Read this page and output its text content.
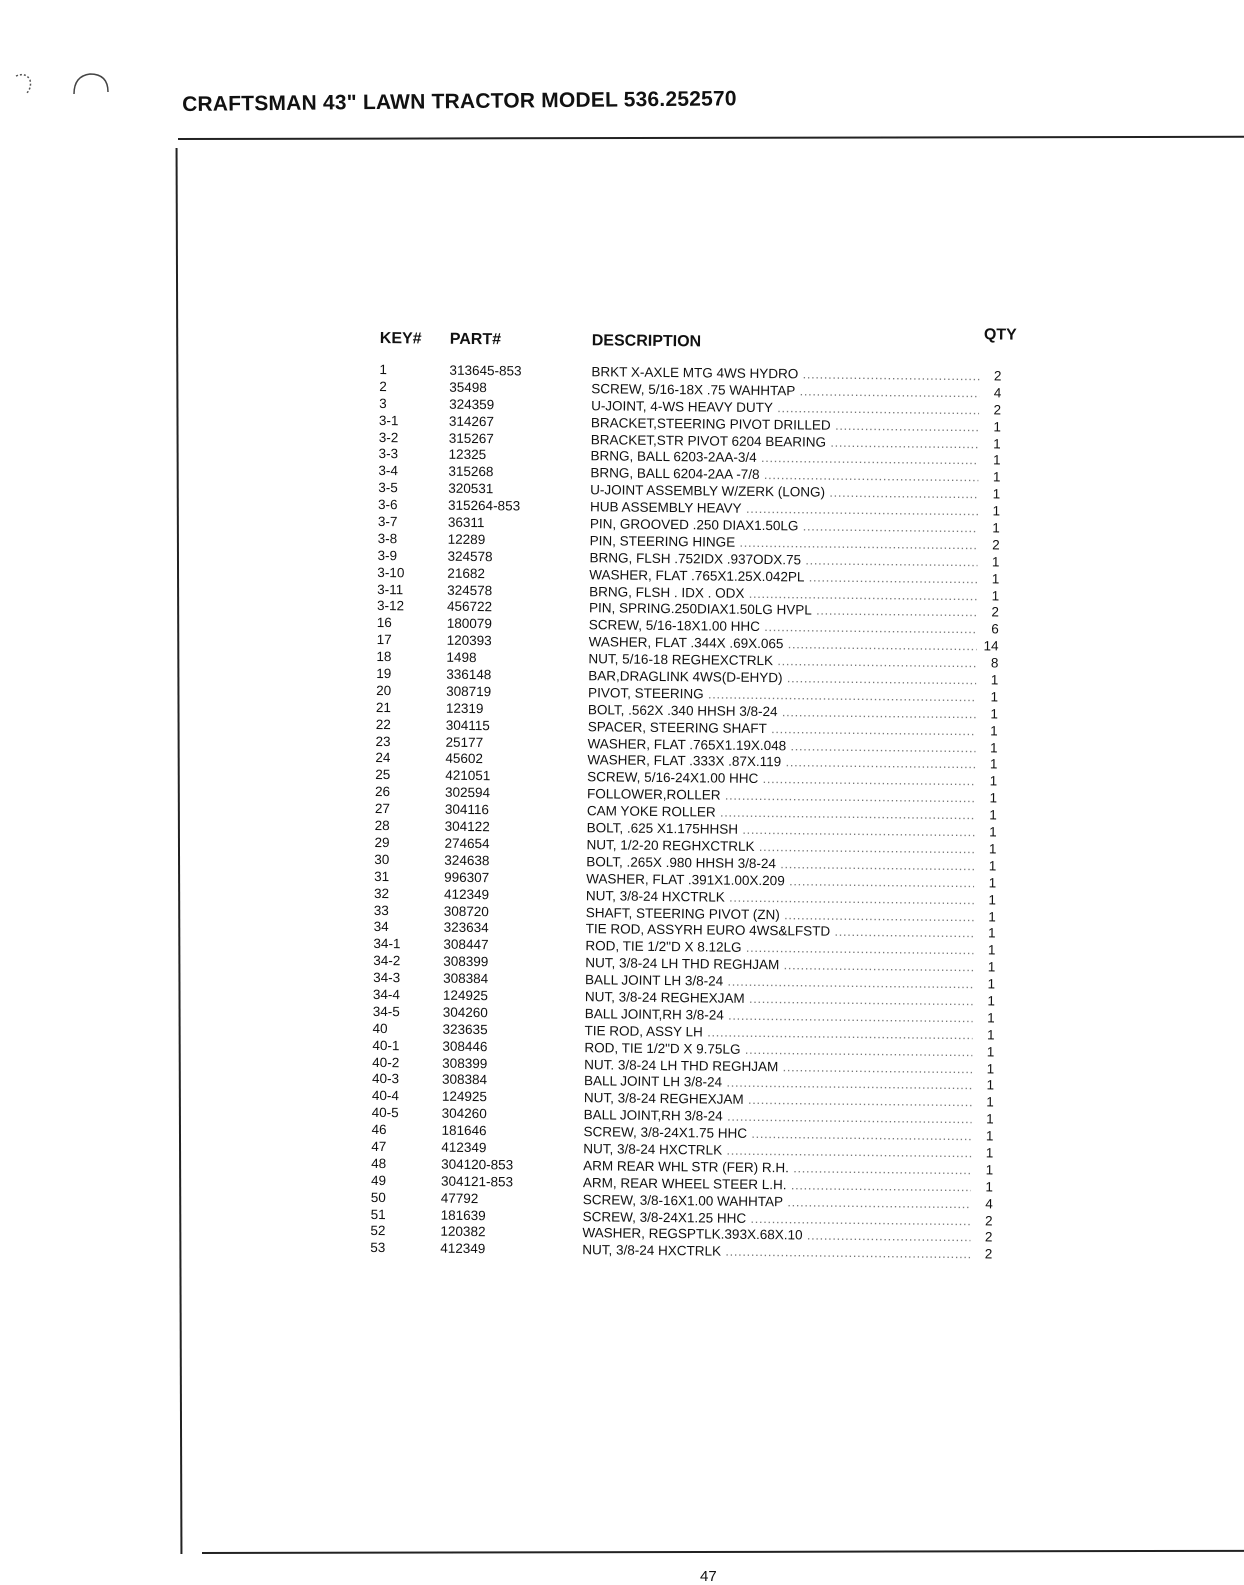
CRAFTSMAN 43" LAWN TRACTOR MODEL 536.252570
KEY# PART#	DESCRIPTION	QTY
1	313645-853	BRKT X-AXLE MTG 4WS HYDRO .....	2
2	35498	SCREW, 5/16-18X .75 WAHHTAP .....	4
3	324359	U-JOINT, 4-WS HEAVY DUTY .....	2
3-1	314267	BRACKET,STEERING PIVOT DRILLED .....	1
3-2	315267	BRACKET,STR PIVOT 6204 BEARING .....	1
3-3	12325	BRNG, BALL 6203-2AA-3/4 .....	1
3-4	315268	BRNG, BALL 6204-2AA -7/8 .....	1
3-5	320531	U-JOINT ASSEMBLY W/ZERK (LONG) .....	1
3-6	315264-853	HUB ASSEMBLY HEAVY .....	1
3-7	36311	PIN, GROOVED .250 DIAX1.50LG .....	1
3-8	12289	PIN, STEERING HINGE .....	2
3-9	324578	BRNG, FLSH .752IDX .937ODX.75 .....	1
3-10	21682	WASHER, FLAT .765X1.25X.042PL .....	1
3-11	324578	BRNG, FLSH . IDX . ODX .....	1
3-12	456722	PIN, SPRING.250DIAX1.50LG HVPL .....	2
16	180079	SCREW, 5/16-18X1.00 HHC .....	6
17	120393	WASHER, FLAT .344X .69X.065 .....	14
18	1498	NUT, 5/16-18 REGHEXCTRLK .....	8
19	336148	BAR,DRAGLINK 4WS(D-EHYD) .....	1
20	308719	PIVOT, STEERING .....	1
21	12319	BOLT, .562X .340 HHSH 3/8-24 .....	1
22	304115	SPACER, STEERING SHAFT .....	1
23	25177	WASHER, FLAT .765X1.19X.048 .....	1
24	45602	WASHER, FLAT .333X .87X.119 .....	1
25	421051	SCREW, 5/16-24X1.00 HHC .....	1
26	302594	FOLLOWER,ROLLER .....	1
27	304116	CAM YOKE ROLLER .....	1
28	304122	BOLT, .625 X1.175HHSH .....	1
29	274654	NUT, 1/2-20 REGHXCTRLK .....	1
30	324638	BOLT, .265X .980 HHSH 3/8-24 .....	1
31	996307	WASHER, FLAT .391X1.00X.209 .....	1
32	412349	NUT, 3/8-24 HXCTRLK .....	1
33	308720	SHAFT, STEERING PIVOT (ZN) .....	1
34	323634	TIE ROD, ASSYRH EURO 4WS&LFSTD .....	1
34-1	308447	ROD, TIE 1/2"D X 8.12LG .....	1
34-2	308399	NUT, 3/8-24 LH THD REGHJAM .....	1
34-3	308384	BALL JOINT LH 3/8-24 .....	1
34-4	124925	NUT, 3/8-24 REGHEXJAM .....	1
34-5	304260	BALL JOINT,RH 3/8-24 .....	1
40	323635	TIE ROD, ASSY LH .....	1
40-1	308446	ROD, TIE 1/2"D X 9.75LG .....	1
40-2	308399	NUT. 3/8-24 LH THD REGHJAM .....	1
40-3	308384	BALL JOINT LH 3/8-24 .....	1
40-4	124925	NUT, 3/8-24 REGHEXJAM .....	1
40-5	304260	BALL JOINT,RH 3/8-24 .....	1
46	181646	SCREW, 3/8-24X1.75 HHC .....	1
47	412349	NUT, 3/8-24 HXCTRLK .....	1
48	304120-853	ARM REAR WHL STR (FER) R.H. .....	1
49	304121-853	ARM, REAR WHEEL STEER L.H. .....	1
50	47792	SCREW, 3/8-16X1.00 WAHHTAP .....	4
51	181639	SCREW, 3/8-24X1.25 HHC .....	2
52	120382	WASHER, REGSPTLK.393X.68X.10 .....	2
53	412349	NUT, 3/8-24 HXCTRLK .....	2
47
